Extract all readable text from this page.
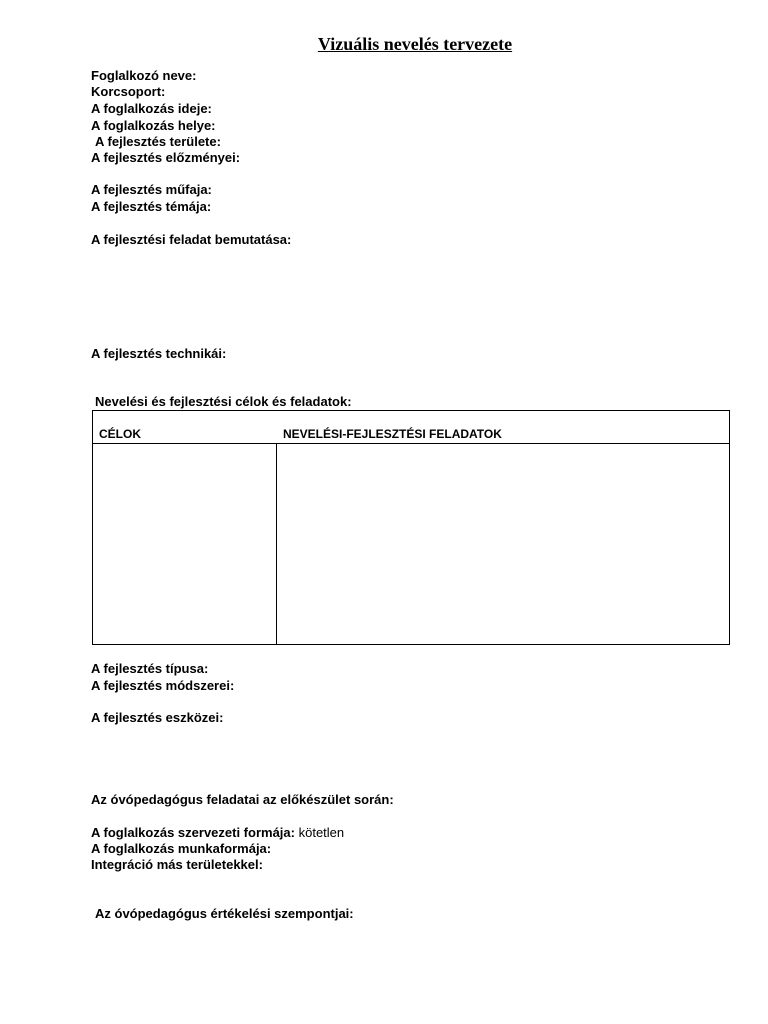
Vizuális nevelés tervezete
Foglalkozó neve:
Korcsoport:
A foglalkozás ideje:
A foglalkozás helye:
A fejlesztés területe:
A fejlesztés előzményei:
A fejlesztés műfaja:
A fejlesztés témája:
A fejlesztési feladat bemutatása:
A fejlesztés technikái:
Nevelési és fejlesztési célok és feladatok:
CÉLOK	NEVELÉSI-FEJLESZTÉSI FELADATOK
A fejlesztés típusa:
A fejlesztés módszerei:
A fejlesztés eszközei:
Az óvópedagógus feladatai az előkészület során:
A foglalkozás szervezeti formája: kötetlen
A foglalkozás munkaformája:
Integráció más területekkel:
Az óvópedagógus értékelési szempontjai:
